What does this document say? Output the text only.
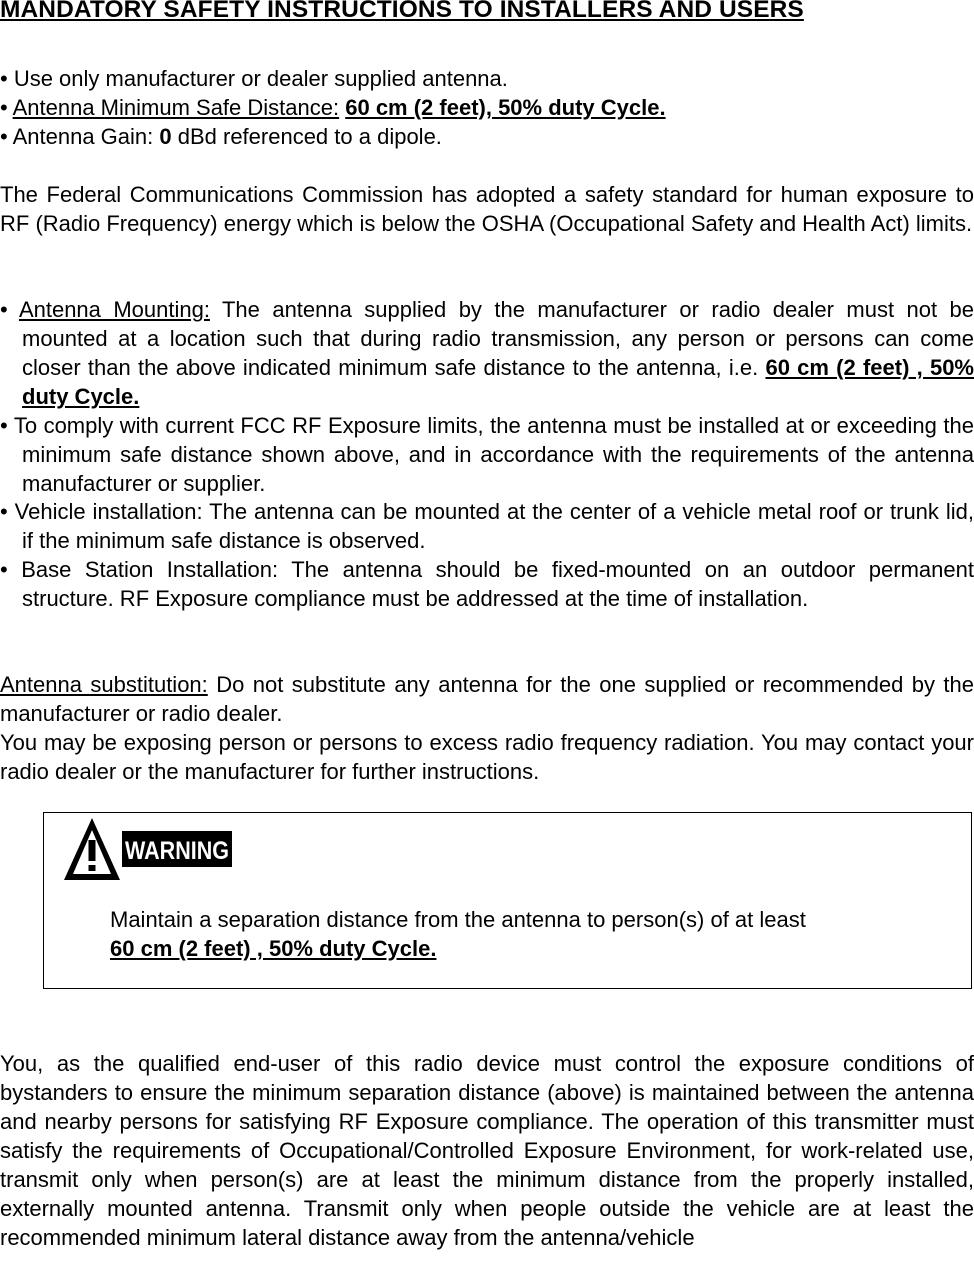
MANDATORY SAFETY INSTRUCTIONS TO INSTALLERS AND USERS
• Use only manufacturer or dealer supplied antenna.
• Antenna Minimum Safe Distance: 60 cm (2 feet), 50% duty Cycle.
• Antenna Gain: 0 dBd referenced to a dipole.
The Federal Communications Commission has adopted a safety standard for human exposure to RF (Radio Frequency) energy which is below the OSHA (Occupational Safety and Health Act) limits.
• Antenna Mounting: The antenna supplied by the manufacturer or radio dealer must not be mounted at a location such that during radio transmission, any person or persons can come closer than the above indicated minimum safe distance to the antenna, i.e. 60 cm (2 feet) , 50% duty Cycle.
• To comply with current FCC RF Exposure limits, the antenna must be installed at or exceeding the minimum safe distance shown above, and in accordance with the requirements of the antenna manufacturer or supplier.
• Vehicle installation: The antenna can be mounted at the center of a vehicle metal roof or trunk lid, if the minimum safe distance is observed.
• Base Station Installation: The antenna should be fixed-mounted on an outdoor permanent structure. RF Exposure compliance must be addressed at the time of installation.
Antenna substitution: Do not substitute any antenna for the one supplied or recommended by the manufacturer or radio dealer.
You may be exposing person or persons to excess radio frequency radiation. You may contact your radio dealer or the manufacturer for further instructions.
WARNING
Maintain a separation distance from the antenna to person(s) of at least
60 cm (2 feet) , 50% duty Cycle.
You, as the qualified end-user of this radio device must control the exposure conditions of bystanders to ensure the minimum separation distance (above) is maintained between the antenna and nearby persons for satisfying RF Exposure compliance. The operation of this transmitter must satisfy the requirements of Occupational/Controlled Exposure Environment, for work-related use, transmit only when person(s) are at least the minimum distance from the properly installed, externally mounted antenna. Transmit only when people outside the vehicle are at least the recommended minimum lateral distance away from the antenna/vehicle
